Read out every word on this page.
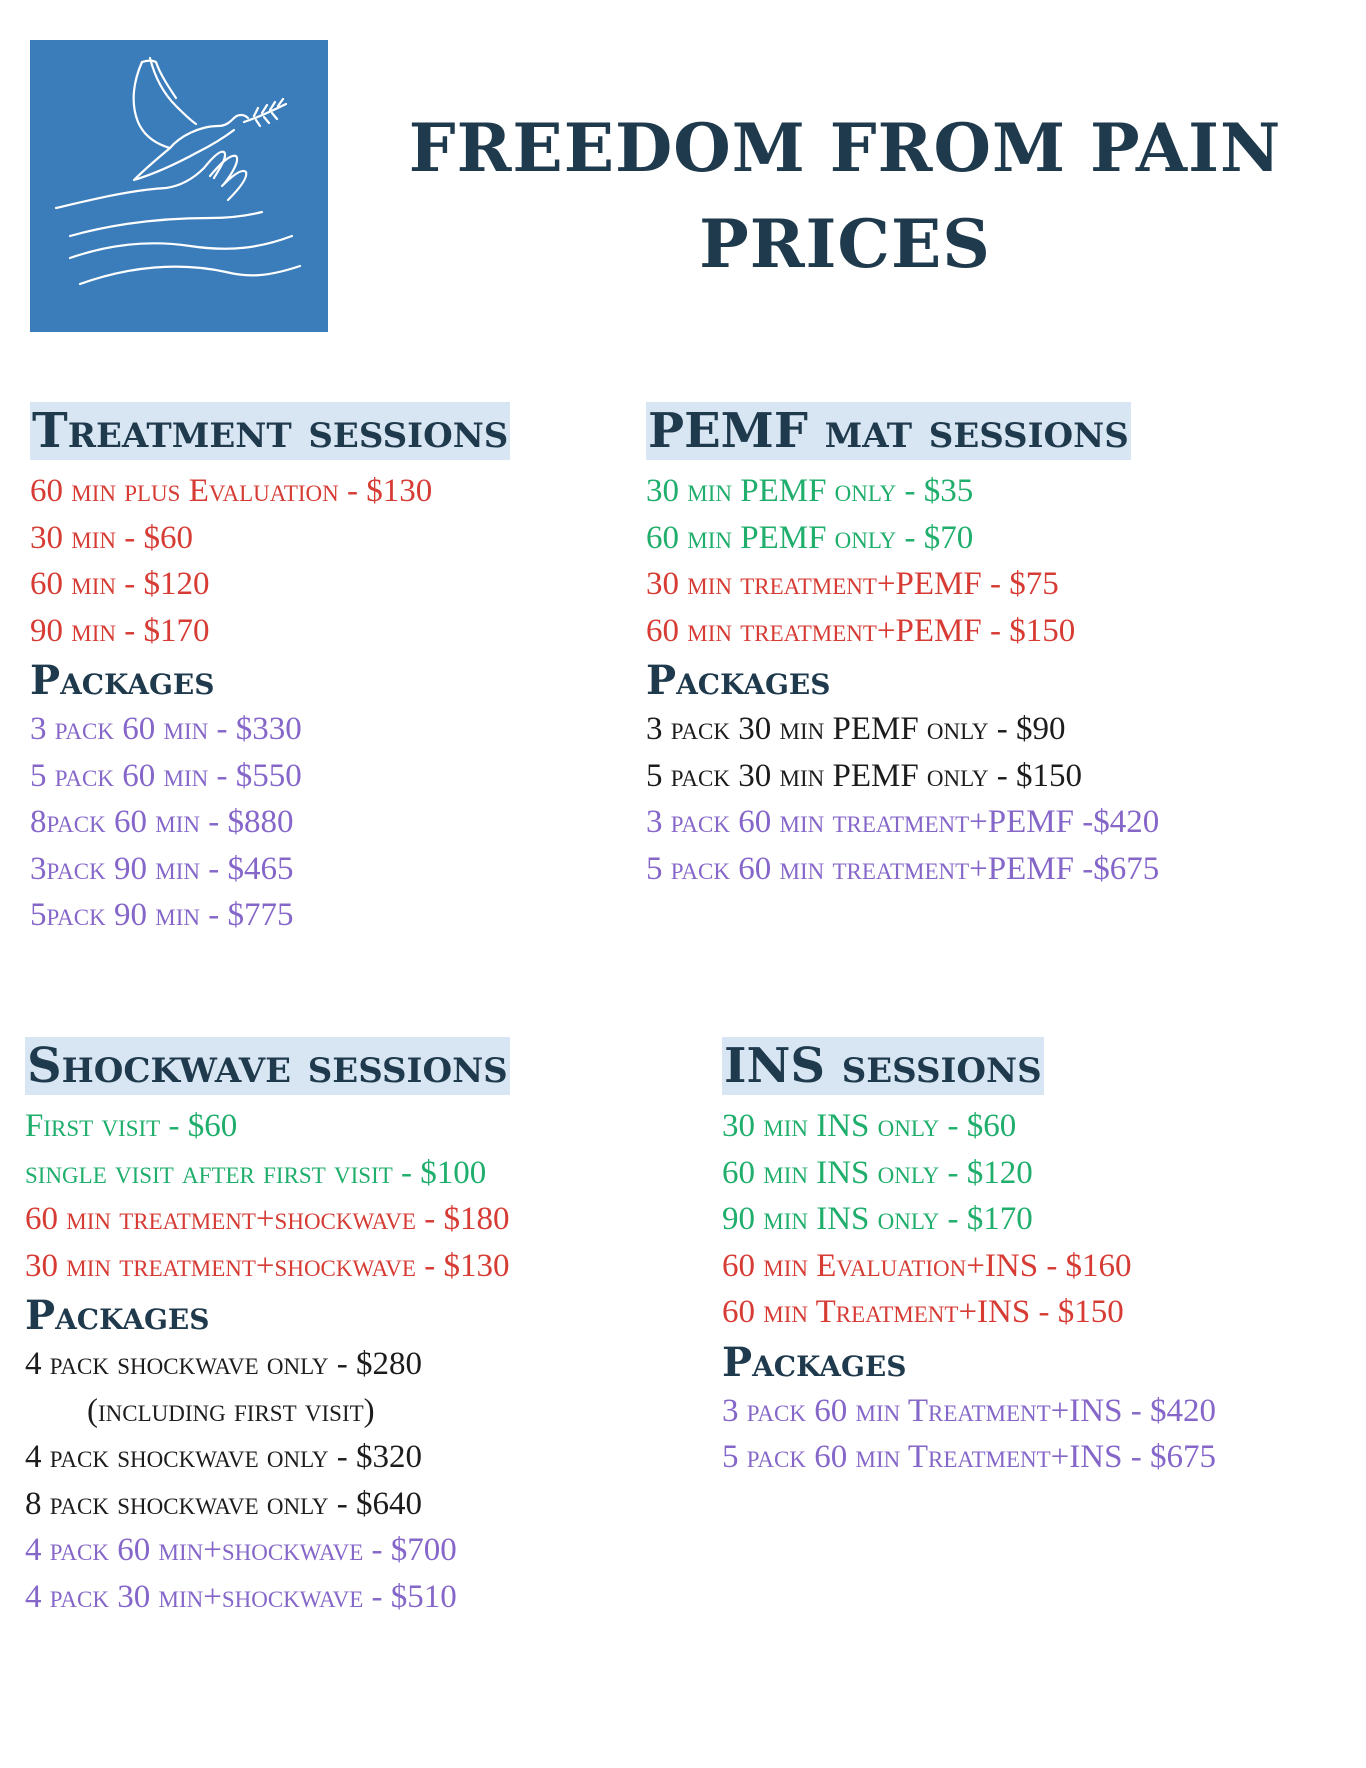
FREEDOM FROM PAIN
PRICES
Treatment sessions
60 min plus Evaluation - $130
30 min - $60
60 min - $120
90 min - $170
Packages
3 pack 60 min - $330
5 pack 60 min - $550
8pack 60 min - $880
3pack 90 min - $465
5pack 90 min - $775
PEMF mat sessions
30 min PEMF only - $35
60 min PEMF only - $70
30 min treatment+PEMF - $75
60 min treatment+PEMF - $150
Packages
3 pack 30 min PEMF only - $90
5 pack 30 min PEMF only - $150
3 pack 60 min treatment+PEMF -$420
5 pack 60 min treatment+PEMF -$675
Shockwave sessions
First visit - $60
single visit after first visit - $100
60 min treatment+shockwave - $180
30 min treatment+shockwave - $130
Packages
4 pack shockwave only - $280
(including first visit)
4 pack shockwave only - $320
8 pack shockwave only - $640
4 pack 60 min+shockwave - $700
4 pack 30 min+shockwave - $510
INS sessions
30 min INS only - $60
60 min INS only - $120
90 min INS only - $170
60 min Evaluation+INS - $160
60 min Treatment+INS - $150
Packages
3 pack 60 min Treatment+INS - $420
5 pack 60 min Treatment+INS - $675
